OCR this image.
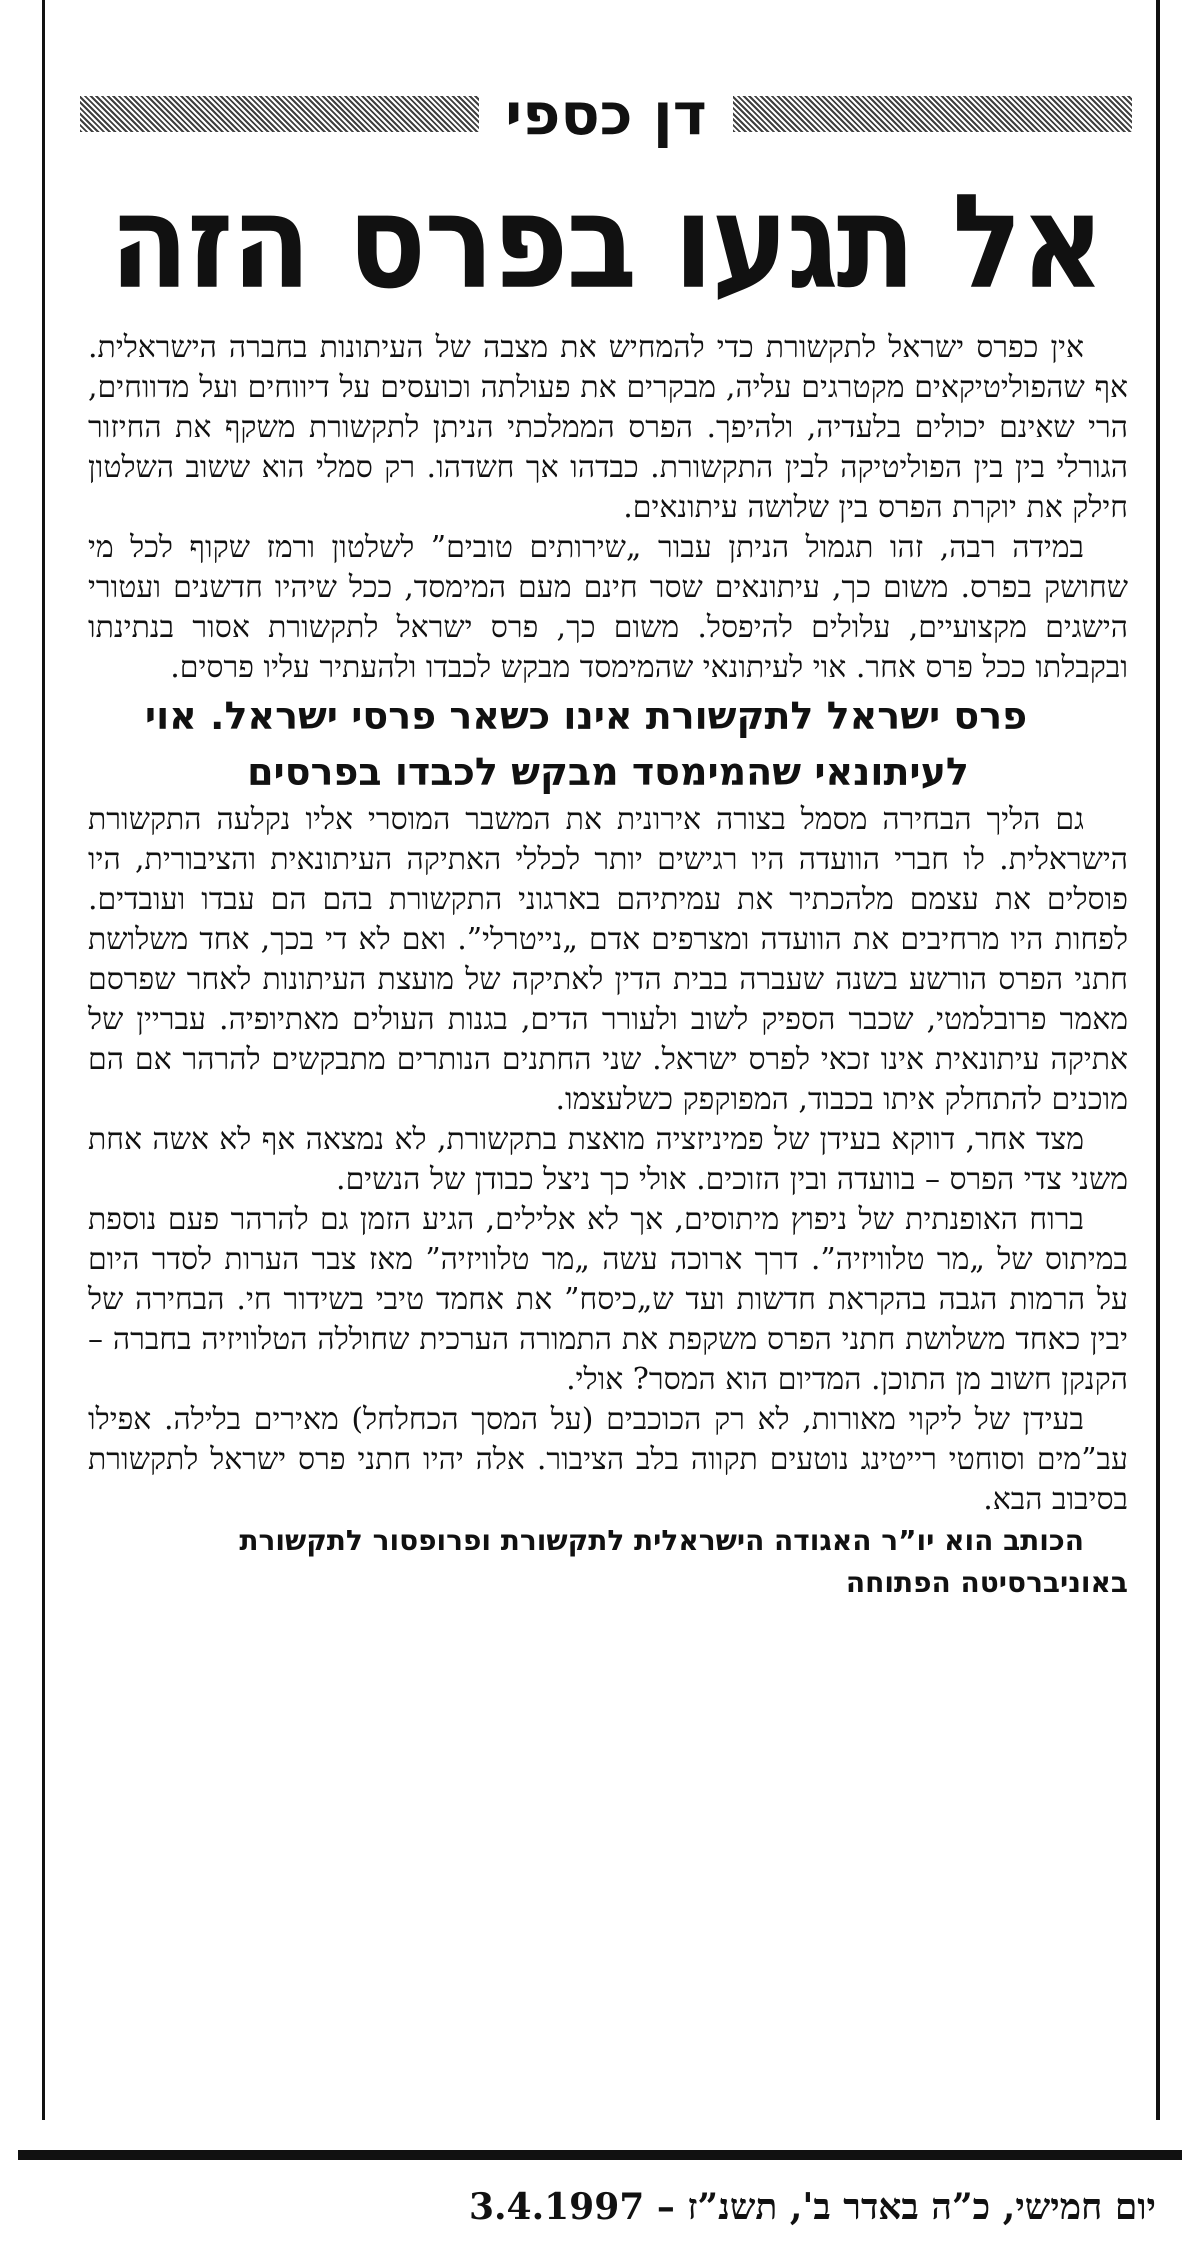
דן כספי
אל תגעו בפרס הזה

אין כפרס ישראל לתקשורת כדי להמחיש את מצבה של העיתונות בחברה הישראלית. אף שהפוליטיקאים מקטרגים עליה, מבקרים את פעולתה וכועסים על דיווחים ועל מדווחים, הרי שאינם יכולים בלעדיה, ולהיפך. הפרס הממלכתי הניתן לתקשורת משקף את החיזור הגורלי בין בין הפוליטיקה לבין התקשורת. כבדהו אך חשדהו. רק סמלי הוא ששוב השלטון חילק את יוקרת הפרס בין שלושה עיתונאים.

במידה רבה, זהו תגמול הניתן עבור „שירותים טובים” לשלטון ורמז שקוף לכל מי שחושק בפרס. משום כך, עיתונאים שסר חינם מעם המימסד, ככל שיהיו חדשנים ועטורי הישגים מקצועיים, עלולים להיפסל. משום כך, פרס ישראל לתקשורת אסור בנתינתו ובקבלתו ככל פרס אחר. אוי לעיתונאי שהמימסד מבקש לכבדו ולהעתיר עליו פרסים.

פרס ישראל לתקשורת אינו כשאר פרסי ישראל. אוי לעיתונאי שהמימסד מבקש לכבדו בפרסים

גם הליך הבחירה מסמל בצורה אירונית את המשבר המוסרי אליו נקלעה התקשורת הישראלית. לו חברי הוועדה היו רגישים יותר לכללי האתיקה העיתונאית והציבורית, היו פוסלים את עצמם מלהכתיר את עמיתיהם בארגוני התקשורת בהם הם עבדו ועובדים. לפחות היו מרחיבים את הוועדה ומצרפים אדם „נייטרלי”. ואם לא די בכך, אחד משלושת חתני הפרס הורשע בשנה שעברה בבית הדין לאתיקה של מועצת העיתונות לאחר שפרסם מאמר פרובלמטי, שכבר הספיק לשוב ולעורר הדים, בגנות העולים מאתיופיה. עבריין של אתיקה עיתונאית אינו זכאי לפרס ישראל. שני החתנים הנותרים מתבקשים להרהר אם הם מוכנים להתחלק איתו בכבוד, המפוקפק כשלעצמו.

מצד אחר, דווקא בעידן של פמיניזציה מואצת בתקשורת, לא נמצאה אף לא אשה אחת משני צדי הפרס – בוועדה ובין הזוכים. אולי כך ניצל כבודן של הנשים.

ברוח האופנתית של ניפוץ מיתוסים, אך לא אלילים, הגיע הזמן גם להרהר פעם נוספת במיתוס של „מר טלוויזיה”. דרך ארוכה עשה „מר טלוויזיה” מאז צבר הערות לסדר היום על הרמות הגבה בהקראת חדשות ועד ש„כיסח” את אחמד טיבי בשידור חי. הבחירה של יבין כאחד משלושת חתני הפרס משקפת את התמורה הערכית שחוללה הטלוויזיה בחברה – הקנקן חשוב מן התוכן. המדיום הוא המסר? אולי.

בעידן של ליקוי מאורות, לא רק הכוכבים (על המסך הכחלחל) מאירים בלילה. אפילו עב”מים וסוחטי רייטינג נוטעים תקווה בלב הציבור. אלה יהיו חתני פרס ישראל לתקשורת בסיבוב הבא.

הכותב הוא יו”ר האגודה הישראלית לתקשורת ופרופסור לתקשורת באוניברסיטה הפתוחה

יום חמישי, כ”ה באדר ב', תשנ”ז – 3.4.1997
